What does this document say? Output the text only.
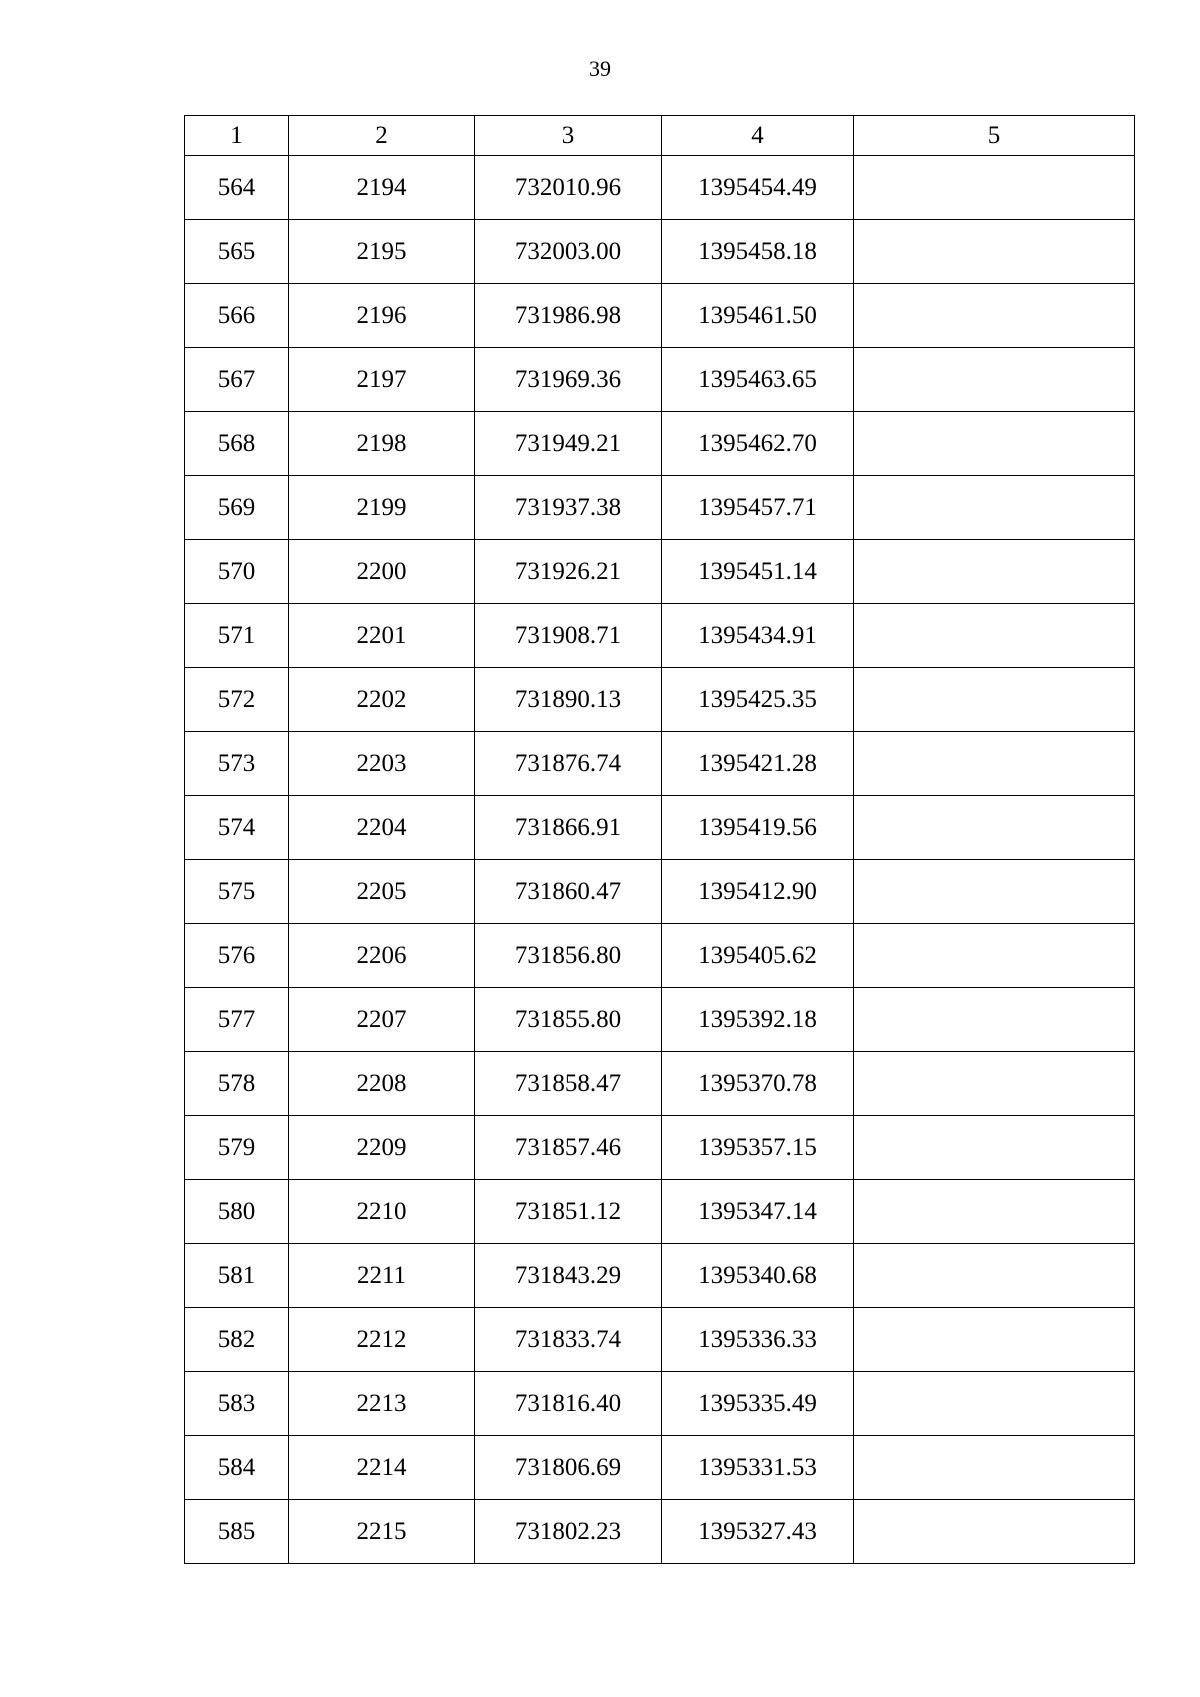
39
1	2	3	4	5
564	2194	732010.96	1395454.49	
565	2195	732003.00	1395458.18	
566	2196	731986.98	1395461.50	
567	2197	731969.36	1395463.65	
568	2198	731949.21	1395462.70	
569	2199	731937.38	1395457.71	
570	2200	731926.21	1395451.14	
571	2201	731908.71	1395434.91	
572	2202	731890.13	1395425.35	
573	2203	731876.74	1395421.28	
574	2204	731866.91	1395419.56	
575	2205	731860.47	1395412.90	
576	2206	731856.80	1395405.62	
577	2207	731855.80	1395392.18	
578	2208	731858.47	1395370.78	
579	2209	731857.46	1395357.15	
580	2210	731851.12	1395347.14	
581	2211	731843.29	1395340.68	
582	2212	731833.74	1395336.33	
583	2213	731816.40	1395335.49	
584	2214	731806.69	1395331.53	
585	2215	731802.23	1395327.43	
